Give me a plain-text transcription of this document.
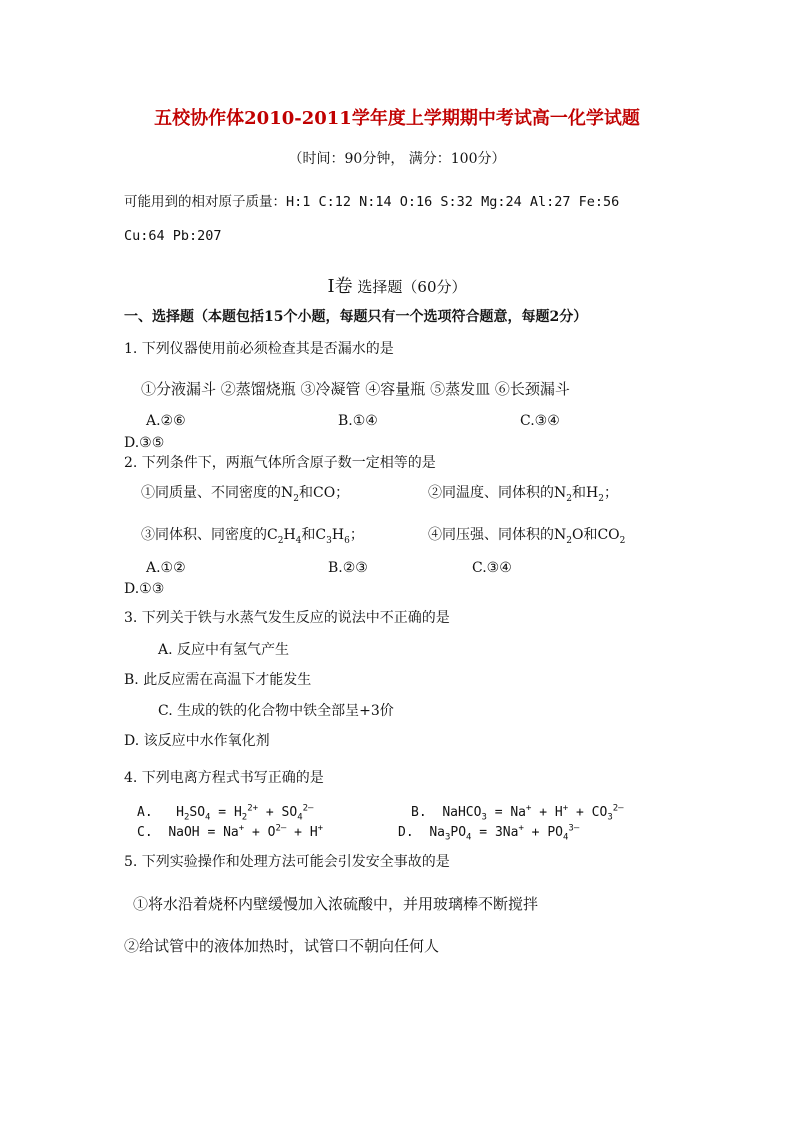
五校协作体2010-2011学年度上学期期中考试高一化学试题
（时间：90分钟， 满分：100分）
可能用到的相对原子质量：H:1 C:12 N:14 O:16 S:32 Mg:24 Al:27 Fe:56
Cu:64 Pb:207
Ⅰ卷 选择题（60分）
一、选择题（本题包括15个小题，每题只有一个选项符合题意，每题2分）
1. 下列仪器使用前必须检查其是否漏水的是
①分液漏斗 ②蒸馏烧瓶 ③冷凝管 ④容量瓶 ⑤蒸发皿 ⑥长颈漏斗
A.②⑥	B.①④	C.③④
D.③⑤
2. 下列条件下，两瓶气体所含原子数一定相等的是
①同质量、不同密度的$N_2$和CO；	②同温度、同体积的$N_2$和$H_2$；
③同体积、同密度的$C_2H_4$和$C_3H_6$；	④同压强、同体积的$N_2O$和$CO_2$
A.①②	B.②③	C.③④
D.①③
3. 下列关于铁与水蒸气发生反应的说法中不正确的是
A. 反应中有氢气产生
B. 此反应需在高温下才能发生
C. 生成的铁的化合物中铁全部呈+3价
D. 该反应中水作氧化剂
4. 下列电离方程式书写正确的是
A. $H_2SO_4 = H_2^{2+} + SO_4^{2—}$	B. NaHCO$_3$ = $Na^+ + H^+ + CO_3^{2—}$
C. NaOH = $Na^+ + O^{2—} + H^+$	D. $Na_3PO_4 = 3Na^+ + PO_4^{3—}$
5. 下列实验操作和处理方法可能会引发安全事故的是
①将水沿着烧杯内壁缓慢加入浓硫酸中，并用玻璃棒不断搅拌
②给试管中的液体加热时，试管口不朝向任何人
